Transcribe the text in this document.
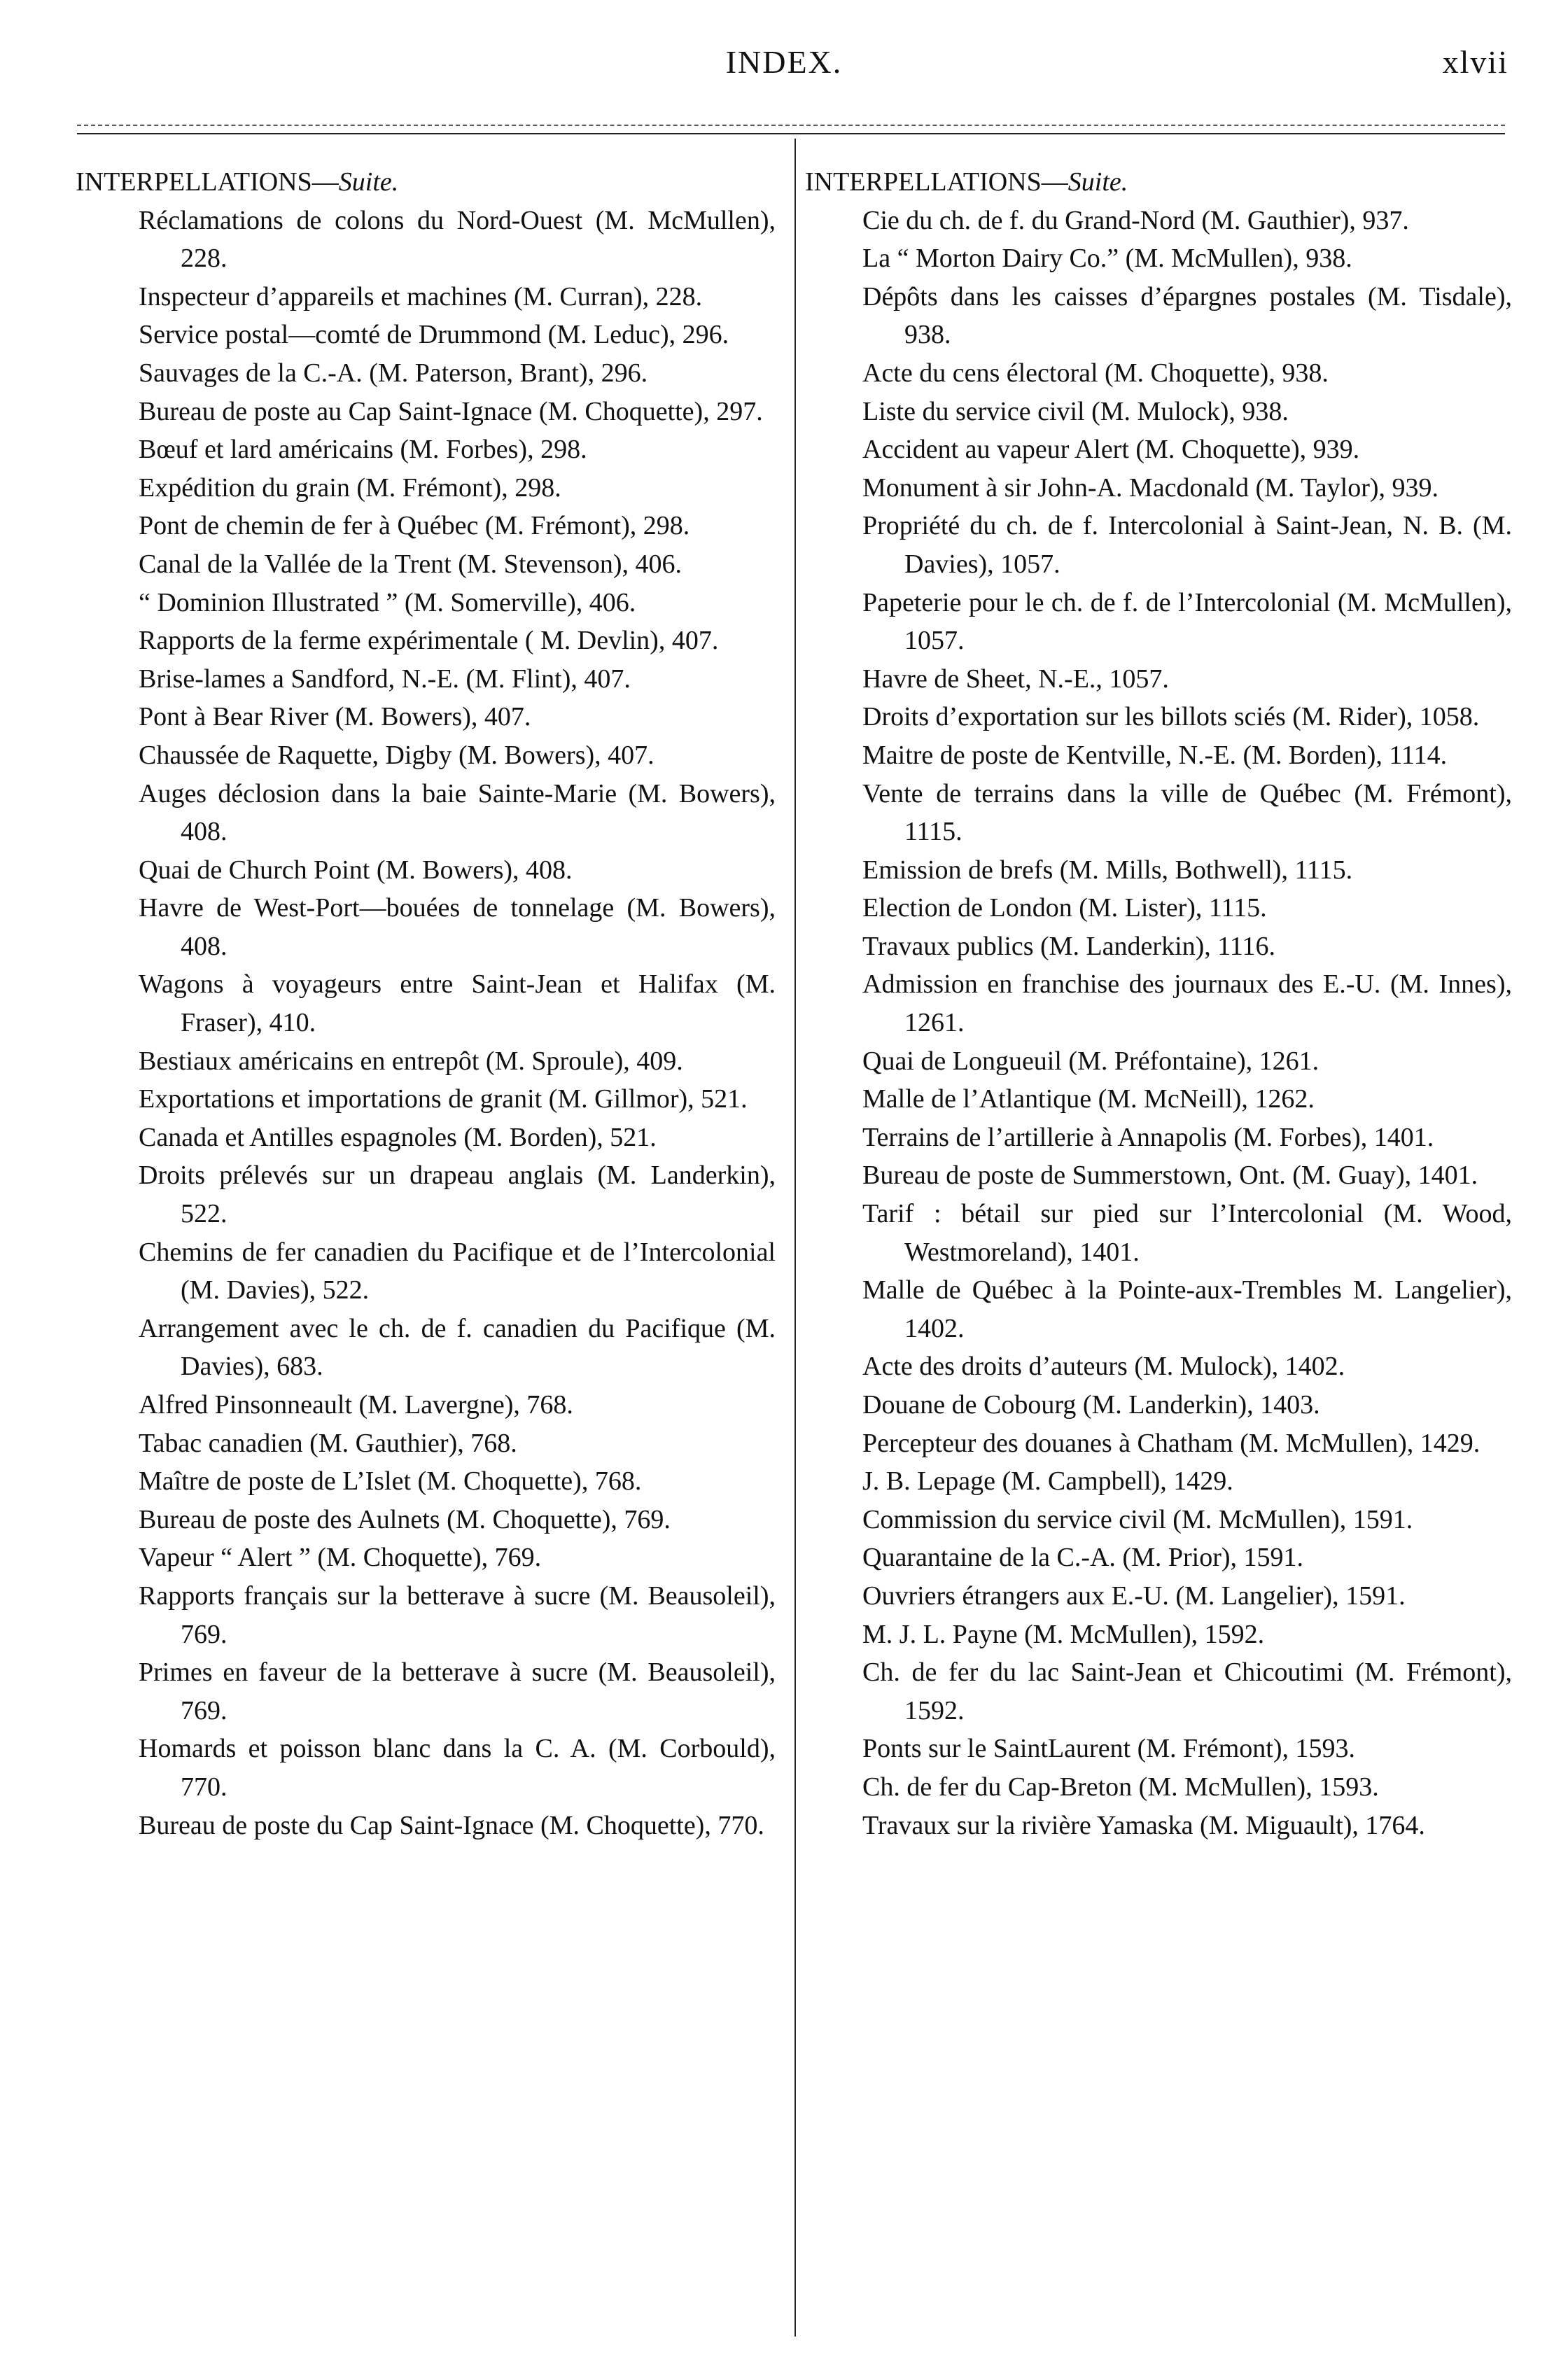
INDEX.	xlvii

INTERPELLATIONS—Suite.

Réclamations de colons du Nord-Ouest (M. McMullen), 228.
Inspecteur d’appareils et machines (M. Curran), 228.
Service postal—comté de Drummond (M. Leduc), 296.
Sauvages de la C.-A. (M. Paterson, Brant), 296.
Bureau de poste au Cap Saint-Ignace (M. Choquette), 297.
Bœuf et lard américains (M. Forbes), 298.
Expédition du grain (M. Frémont), 298.
Pont de chemin de fer à Québec (M. Frémont), 298.
Canal de la Vallée de la Trent (M. Stevenson), 406.
“ Dominion Illustrated ” (M. Somerville), 406.
Rapports de la ferme expérimentale ( M. Devlin), 407.
Brise-lames a Sandford, N.-E. (M. Flint), 407.
Pont à Bear River (M. Bowers), 407.
Chaussée de Raquette, Digby (M. Bowers), 407.
Auges déclosion dans la baie Sainte-Marie (M. Bowers), 408.
Quai de Church Point (M. Bowers), 408.
Havre de West-Port—bouées de tonnelage (M. Bowers), 408.
Wagons à voyageurs entre Saint-Jean et Halifax (M. Fraser), 410.
Bestiaux américains en entrepôt (M. Sproule), 409.
Exportations et importations de granit (M. Gillmor), 521.
Canada et Antilles espagnoles (M. Borden), 521.
Droits prélevés sur un drapeau anglais (M. Landerkin), 522.
Chemins de fer canadien du Pacifique et de l’Intercolonial (M. Davies), 522.
Arrangement avec le ch. de f. canadien du Pacifique (M. Davies), 683.
Alfred Pinsonneault (M. Lavergne), 768.
Tabac canadien (M. Gauthier), 768.
Maître de poste de L’Islet (M. Choquette), 768.
Bureau de poste des Aulnets (M. Choquette), 769.
Vapeur “ Alert ” (M. Choquette), 769.
Rapports français sur la betterave à sucre (M. Beausoleil), 769.
Primes en faveur de la betterave à sucre (M. Beausoleil), 769.
Homards et poisson blanc dans la C. A. (M. Corbould), 770.
Bureau de poste du Cap Saint-Ignace (M. Choquette), 770.

INTERPELLATIONS—Suite.

Cie du ch. de f. du Grand-Nord (M. Gauthier), 937.
La “ Morton Dairy Co.” (M. McMullen), 938.
Dépôts dans les caisses d’épargnes postales (M. Tisdale), 938.
Acte du cens électoral (M. Choquette), 938.
Liste du service civil (M. Mulock), 938.
Accident au vapeur Alert (M. Choquette), 939.
Monument à sir John-A. Macdonald (M. Taylor), 939.
Propriété du ch. de f. Intercolonial à Saint-Jean, N. B. (M. Davies), 1057.
Papeterie pour le ch. de f. de l’Intercolonial (M. McMullen), 1057.
Havre de Sheet, N.-E., 1057.
Droits d’exportation sur les billots sciés (M. Rider), 1058.
Maitre de poste de Kentville, N.-E. (M. Borden), 1114.
Vente de terrains dans la ville de Québec (M. Frémont), 1115.
Emission de brefs (M. Mills, Bothwell), 1115.
Election de London (M. Lister), 1115.
Travaux publics (M. Landerkin), 1116.
Admission en franchise des journaux des E.-U. (M. Innes), 1261.
Quai de Longueuil (M. Préfontaine), 1261.
Malle de l’Atlantique (M. McNeill), 1262.
Terrains de l’artillerie à Annapolis (M. Forbes), 1401.
Bureau de poste de Summerstown, Ont. (M. Guay), 1401.
Tarif : bétail sur pied sur l’Intercolonial (M. Wood, Westmoreland), 1401.
Malle de Québec à la Pointe-aux-Trembles M. Langelier), 1402.
Acte des droits d’auteurs (M. Mulock), 1402.
Douane de Cobourg (M. Landerkin), 1403.
Percepteur des douanes à Chatham (M. McMullen), 1429.
J. B. Lepage (M. Campbell), 1429.
Commission du service civil (M. McMullen), 1591.
Quarantaine de la C.-A. (M. Prior), 1591.
Ouvriers étrangers aux E.-U. (M. Langelier), 1591.
M. J. L. Payne (M. McMullen), 1592.
Ch. de fer du lac Saint-Jean et Chicoutimi (M. Frémont), 1592.
Ponts sur le SaintLaurent (M. Frémont), 1593.
Ch. de fer du Cap-Breton (M. McMullen), 1593.
Travaux sur la rivière Yamaska (M. Miguault), 1764.
